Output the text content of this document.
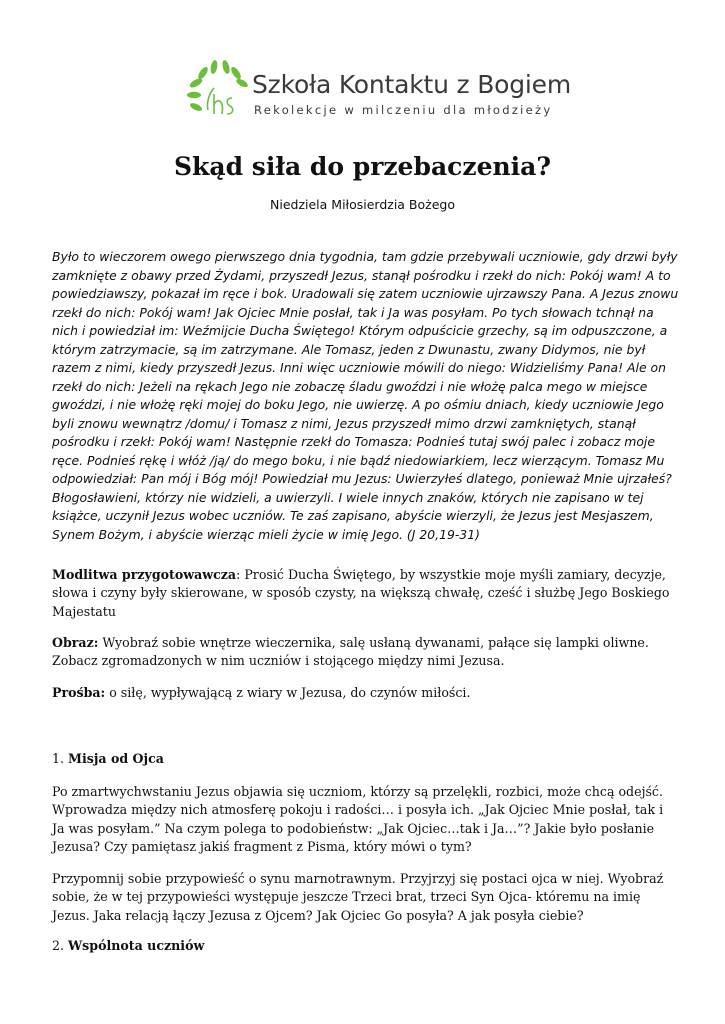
Szkoła Kontaktu z Bogiem
Rekolekcje w milczeniu dla młodzieży
Skąd siła do przebaczenia?
Niedziela Miłosierdzia Bożego

Było to wieczorem owego pierwszego dnia tygodnia, tam gdzie przebywali uczniowie, gdy drzwi były zamknięte z obawy przed Żydami, przyszedł Jezus, stanął pośrodku i rzekł do nich: Pokój wam! A to powiedziawszy, pokazał im ręce i bok. Uradowali się zatem uczniowie ujrzawszy Pana. A Jezus znowu rzekł do nich: Pokój wam! Jak Ojciec Mnie posłał, tak i Ja was posyłam. Po tych słowach tchnął na nich i powiedział im: Weźmijcie Ducha Świętego! Którym odpuścicie grzechy, są im odpuszczone, a którym zatrzymacie, są im zatrzymane. Ale Tomasz, jeden z Dwunastu, zwany Didymos, nie był razem z nimi, kiedy przyszedł Jezus. Inni więc uczniowie mówili do niego: Widzieliśmy Pana! Ale on rzekł do nich: Jeżeli na rękach Jego nie zobaczę śladu gwoździ i nie włożę palca mego w miejsce gwoździ, i nie włożę ręki mojej do boku Jego, nie uwierzę. A po ośmiu dniach, kiedy uczniowie Jego byli znowu wewnątrz /domu/ i Tomasz z nimi, Jezus przyszedł mimo drzwi zamkniętych, stanął pośrodku i rzekł: Pokój wam! Następnie rzekł do Tomasza: Podnieś tutaj swój palec i zobacz moje ręce. Podnieś rękę i włóż /ją/ do mego boku, i nie bądź niedowiarkiem, lecz wierzącym. Tomasz Mu odpowiedział: Pan mój i Bóg mój! Powiedział mu Jezus: Uwierzyłeś dlatego, ponieważ Mnie ujrzałeś? Błogosławieni, którzy nie widzieli, a uwierzyli. I wiele innych znaków, których nie zapisano w tej książce, uczynił Jezus wobec uczniów. Te zaś zapisano, abyście wierzyli, że Jezus jest Mesjaszem, Synem Bożym, i abyście wierząc mieli życie w imię Jego. (J 20,19-31)

Modlitwa przygotowawcza: Prosić Ducha Świętego, by wszystkie moje myśli zamiary, decyzje, słowa i czyny były skierowane, w sposób czysty, na większą chwałę, cześć i służbę Jego Boskiego Majestatu

Obraz: Wyobraź sobie wnętrze wieczernika, salę usłaną dywanami, pałące się lampki oliwne. Zobacz zgromadzonych w nim uczniów i stojącego między nimi Jezusa.

Prośba: o siłę, wypływającą z wiary w Jezusa, do czynów miłości.

1. Misja od Ojca

Po zmartwychwstaniu Jezus objawia się uczniom, którzy są przelękli, rozbici, może chcą odejść. Wprowadza między nich atmosferę pokoju i radości… i posyła ich. „Jak Ojciec Mnie posłał, tak i Ja was posyłam.” Na czym polega to podobieństw: „Jak Ojciec…tak i Ja…”? Jakie było posłanie Jezusa? Czy pamiętasz jakiś fragment z Pisma, który mówi o tym?

Przypomnij sobie przypowieść o synu marnotrawnym. Przyjrzyj się postaci ojca w niej. Wyobraź sobie, że w tej przypowieści występuje jeszcze Trzeci brat, trzeci Syn Ojca- któremu na imię Jezus. Jaka relacją łączy Jezusa z Ojcem? Jak Ojciec Go posyła? A jak posyła ciebie?

2. Wspólnota uczniów
